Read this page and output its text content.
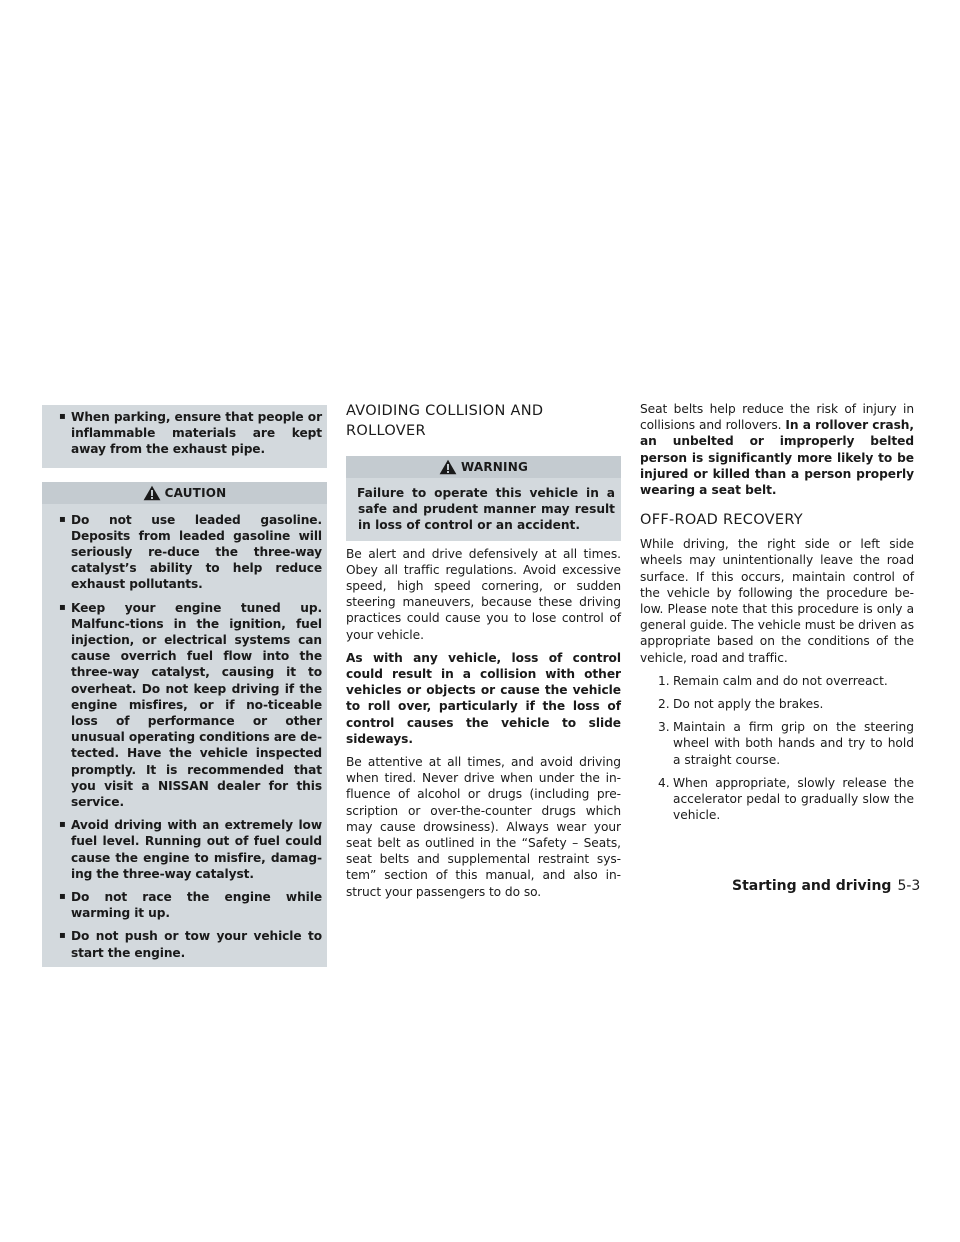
▪ When parking, ensure that people or inflammable materials are kept away from the exhaust pipe.
CAUTION
▪ Do not use leaded gasoline. Deposits from leaded gasoline will seriously re-duce the three-way catalyst’s ability to help reduce exhaust pollutants.
▪ Keep your engine tuned up. Malfunc-tions in the ignition, fuel injection, or electrical systems can cause overrich fuel flow into the three-way catalyst, causing it to overheat. Do not keep driving if the engine misfires, or if no-ticeable loss of performance or other unusual operating conditions are de-tected. Have the vehicle inspected promptly. It is recommended that you visit a NISSAN dealer for this service.
▪ Avoid driving with an extremely low fuel level. Running out of fuel could cause the engine to misfire, damag-ing the three-way catalyst.
▪ Do not race the engine while warming it up.
▪ Do not push or tow your vehicle to start the engine.
AVOIDING COLLISION AND
ROLLOVER
WARNING

Failure to operate this vehicle in a safe and prudent manner may result in loss of control or an accident.

Be alert and drive defensively at all times. Obey all traffic regulations. Avoid excessive speed, high speed cornering, or sudden steering maneuvers, because these driving practices could cause you to lose control of your vehicle.

As with any vehicle, loss of control could result in a collision with other vehicles or objects or cause the vehicle to roll over, particularly if the loss of control causes the vehicle to slide sideways.

Be attentive at all times, and avoid driving when tired. Never drive when under the in-fluence of alcohol or drugs (including pre-scription or over-the-counter drugs which may cause drowsiness). Always wear your seat belt as outlined in the “Safety – Seats, seat belts and supplemental restraint sys-tem” section of this manual, and also in-struct your passengers to do so.

Seat belts help reduce the risk of injury in collisions and rollovers. In a rollover crash, an unbelted or improperly belted person is significantly more likely to be injured or killed than a person properly wearing a seat belt.

OFF-ROAD RECOVERY

While driving, the right side or left side wheels may unintentionally leave the road surface. If this occurs, maintain control of the vehicle by following the procedure be-low. Please note that this procedure is only a general guide. The vehicle must be driven as appropriate based on the conditions of the vehicle, road and traffic.

1. Remain calm and do not overreact.
2. Do not apply the brakes.
3. Maintain a firm grip on the steering wheel with both hands and try to hold a straight course.
4. When appropriate, slowly release the accelerator pedal to gradually slow the vehicle.
Starting and driving 5-3
